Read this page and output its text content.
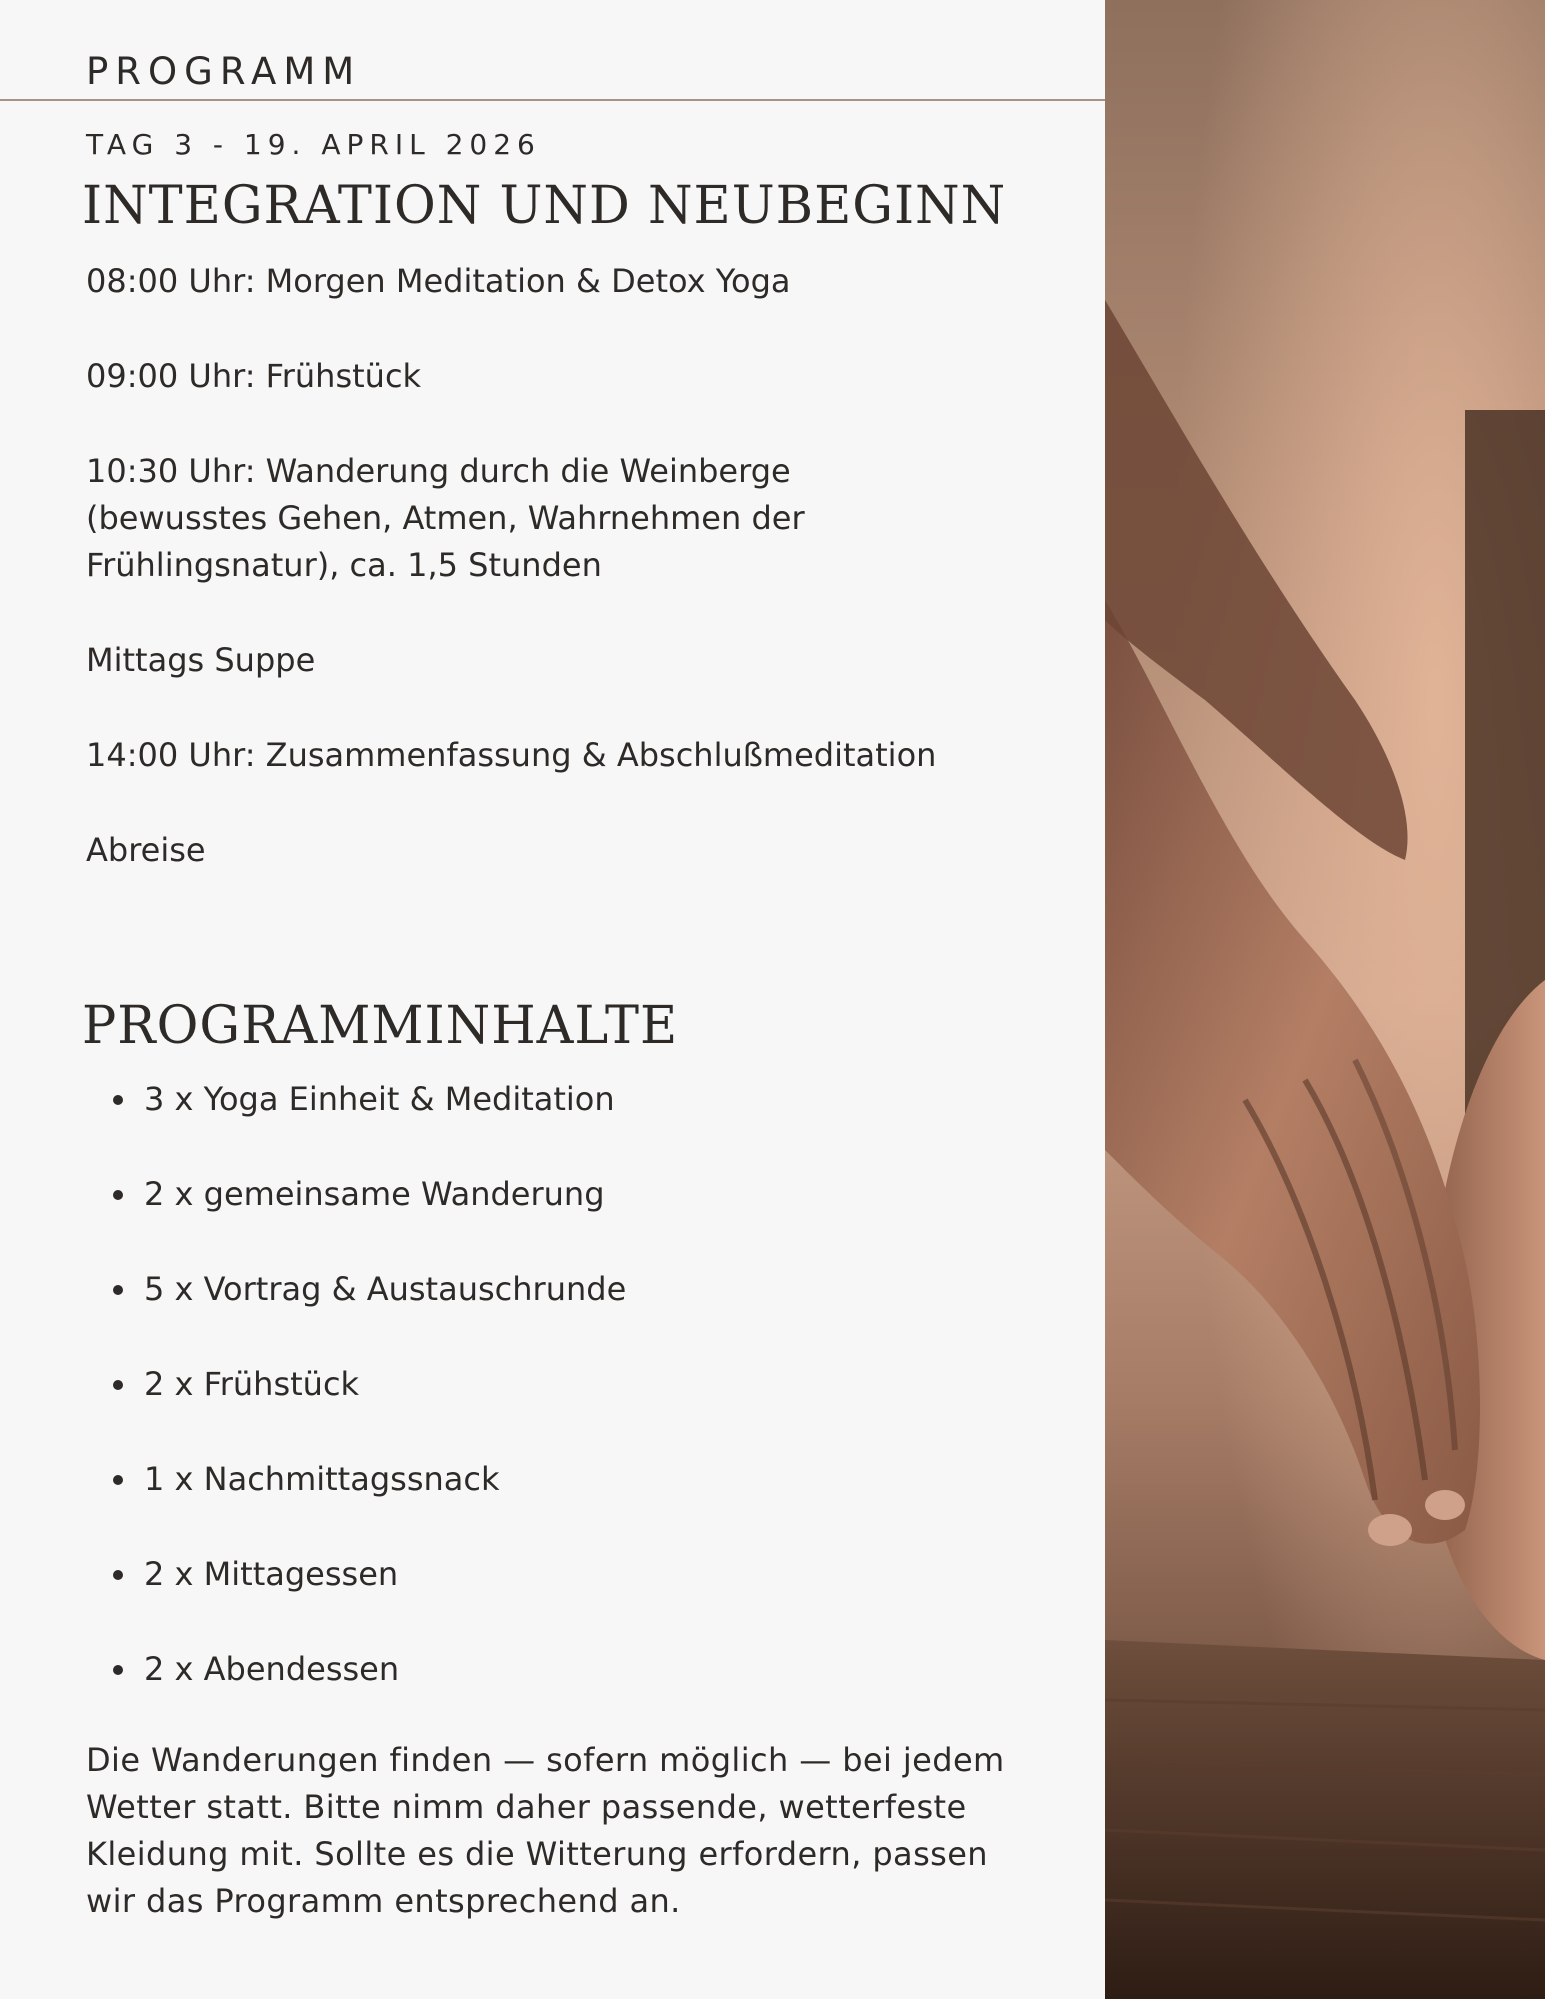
PROGRAMM
TAG 3 - 19. APRIL 2026
INTEGRATION UND NEUBEGINN
08:00 Uhr: Morgen Meditation & Detox Yoga
09:00 Uhr: Frühstück
10:30 Uhr: Wanderung durch die Weinberge (bewusstes Gehen, Atmen, Wahrnehmen der Frühlingsnatur), ca. 1,5 Stunden
Mittags Suppe
14:00 Uhr: Zusammenfassung & Abschlußmeditation
Abreise
PROGRAMMINHALTE
3 x Yoga Einheit & Meditation
2 x gemeinsame Wanderung
5 x Vortrag & Austauschrunde
2 x Frühstück
1 x Nachmittagssnack
2 x Mittagessen
2 x Abendessen

Die Wanderungen finden — sofern möglich — bei jedem Wetter statt. Bitte nimm daher passende, wetterfeste Kleidung mit. Sollte es die Witterung erfordern, passen wir das Programm entsprechend an.
